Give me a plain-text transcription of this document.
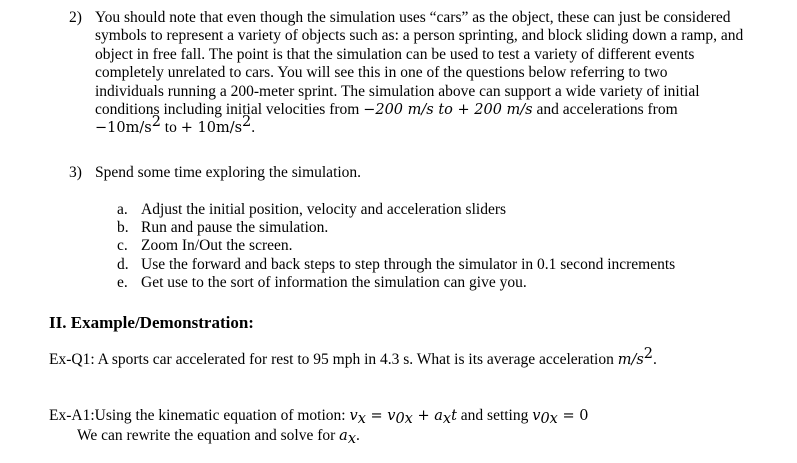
2) You should note that even though the simulation uses “cars” as the object, these can just be considered
symbols to represent a variety of objects such as: a person sprinting, and block sliding down a ramp, and
object in free fall. The point is that the simulation can be used to test a variety of different events
completely unrelated to cars. You will see this in one of the questions below referring to two
individuals running a 200-meter sprint. The simulation above can support a wide variety of initial
conditions including initial velocities from −200 m/s to + 200 m/s and accelerations from
$-10m/s^2$ to + $10m/s^2$.
3) Spend some time exploring the simulation.
a. Adjust the initial position, velocity and acceleration sliders
b. Run and pause the simulation.
c. Zoom In/Out the screen.
d. Use the forward and back steps to step through the simulator in 0.1 second increments
e. Get use to the sort of information the simulation can give you.
II. Example/Demonstration:
Ex-Q1: A sports car accelerated for rest to 95 mph in 4.3 s. What is its average acceleration $m/s^2$.
Ex-A1:Using the kinematic equation of motion: $v_x = v_{0x} + a_xt$ and setting $v_{0x} = 0$
We can rewrite the equation and solve for $a_x$.
